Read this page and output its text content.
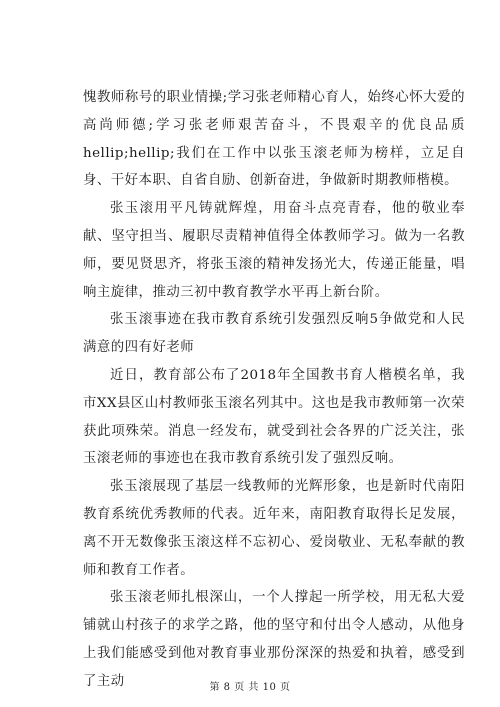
愧教师称号的职业情操;学习张老师精心育人，始终心怀大爱的高尚师德;学习张老师艰苦奋斗，不畏艰辛的优良品质hellip;hellip;我们在工作中以张玉滚老师为榜样，立足自身、干好本职、自省自励、创新奋进，争做新时期教师楷模。

张玉滚用平凡铸就辉煌，用奋斗点亮青春，他的敬业奉献、坚守担当、履职尽责精神值得全体教师学习。做为一名教师，要见贤思齐，将张玉滚的精神发扬光大，传递正能量，唱响主旋律，推动三初中教育教学水平再上新台阶。

张玉滚事迹在我市教育系统引发强烈反响5争做党和人民满意的四有好老师

近日，教育部公布了2018年全国教书育人楷模名单，我市XX县区山村教师张玉滚名列其中。这也是我市教师第一次荣获此项殊荣。消息一经发布，就受到社会各界的广泛关注，张玉滚老师的事迹也在我市教育系统引发了强烈反响。

张玉滚展现了基层一线教师的光辉形象，也是新时代南阳教育系统优秀教师的代表。近年来，南阳教育取得长足发展，离不开无数像张玉滚这样不忘初心、爱岗敬业、无私奉献的教师和教育工作者。

张玉滚老师扎根深山，一个人撑起一所学校，用无私大爱铺就山村孩子的求学之路，他的坚守和付出令人感动，从他身上我们能感受到他对教育事业那份深深的热爱和执着，感受到了主动	第 8 页 共 10 页
